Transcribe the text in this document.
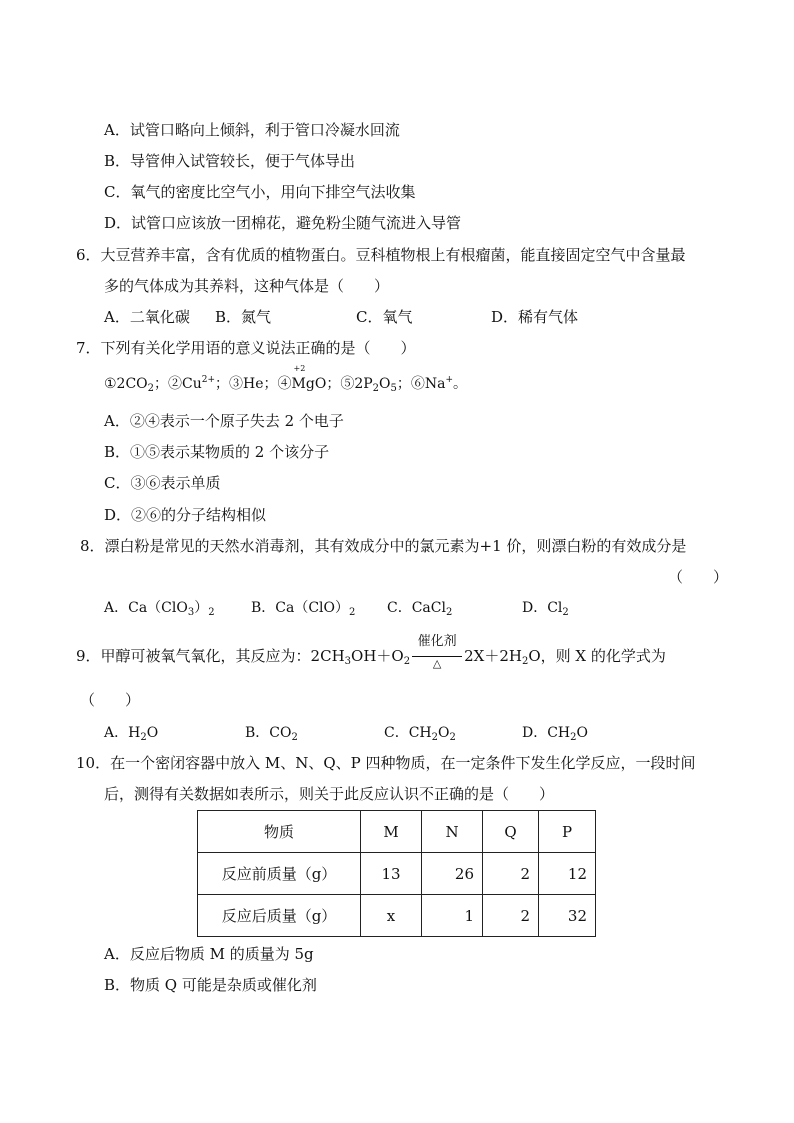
A．试管口略向上倾斜，利于管口冷凝水回流
B．导管伸入试管较长，便于气体导出
C．氧气的密度比空气小，用向下排空气法收集
D．试管口应该放一团棉花，避免粉尘随气流进入导管
6．大豆营养丰富，含有优质的植物蛋白。豆科植物根上有根瘤菌，能直接固定空气中含量最
多的气体成为其养料，这种气体是（　　）
A．二氧化碳 B．氮气	C．氧气	D．稀有气体
7．下列有关化学用语的意义说法正确的是（　　）
$①2CO_2$；$②Cu^{2+}$；③He；④
+2
MgO；$⑤2P_2O_5$；⑥Na+。
A．②④表示一个原子失去 2 个电子
B．①⑤表示某物质的 2 个该分子
C．③⑥表示单质
D．②⑥的分子结构相似
8．漂白粉是常见的天然水消毒剂，其有效成分中的氯元素为+1 价，则漂白粉的有效成分是
（　　）
A．$Ca(ClO_3)_2$	B．$Ca(ClO)_2$ C．CaCl$_2$	D．$Cl_2$
9．甲醇可被氧气氧化，其反应为：$2CH_3OH+O_2$
催化剂
△	$2X+2H_2O$，则 X 的化学式为
（　　）
A．$H_2O$	B．$CO_2$	C．$CH_2O_2$	D．$CH_2O$
10．在一个密闭容器中放入 M、N、Q、P 四种物质，在一定条件下发生化学反应，一段时间
后，测得有关数据如表所示，则关于此反应认识不正确的是（　　）
物质	M	N	Q	P
反应前质量（g）	13	26	2	12
反应后质量（g）	x	1	2	32
A．反应后物质 M 的质量为 5g
B．物质 Q 可能是杂质或催化剂
